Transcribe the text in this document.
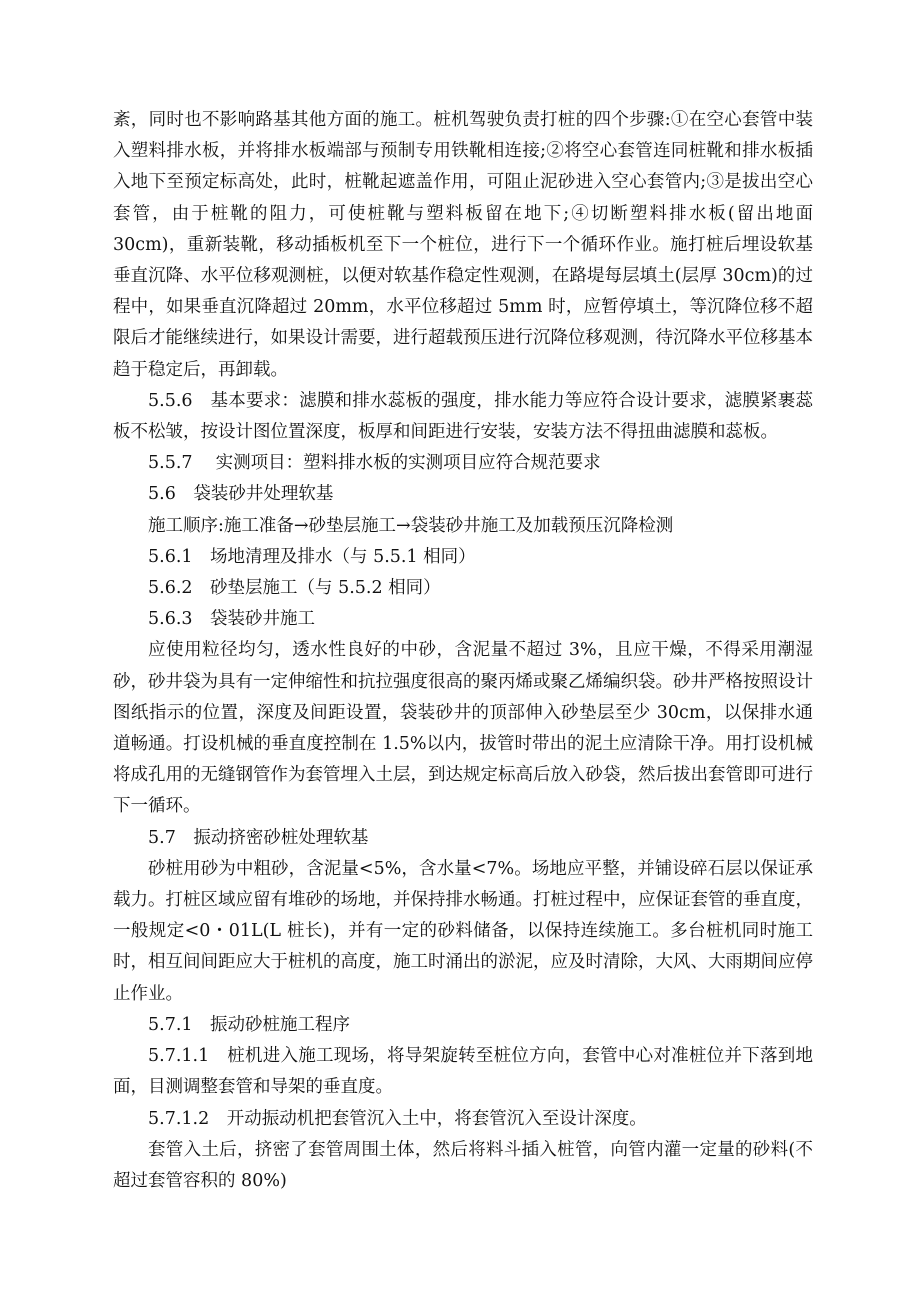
紊，同时也不影响路基其他方面的施工。桩机驾驶负责打桩的四个步骤:①在空心套管中装入塑料排水板，并将排水板端部与预制专用铁靴相连接;②将空心套管连同桩靴和排水板插入地下至预定标高处，此时，桩靴起遮盖作用，可阻止泥砂进入空心套管内;③是拔出空心套管，由于桩靴的阻力，可使桩靴与塑料板留在地下;④切断塑料排水板(留出地面 30cm)，重新装靴，移动插板机至下一个桩位，进行下一个循环作业。施打桩后埋设软基垂直沉降、水平位移观测桩，以便对软基作稳定性观测，在路堤每层填土(层厚 30cm)的过程中，如果垂直沉降超过 20mm，水平位移超过 5mm 时，应暂停填土，等沉降位移不超限后才能继续进行，如果设计需要，进行超载预压进行沉降位移观测，待沉降水平位移基本趋于稳定后，再卸载。

5.5.6　基本要求：滤膜和排水蕊板的强度，排水能力等应符合设计要求，滤膜紧裹蕊板不松皱，按设计图位置深度，板厚和间距进行安装，安装方法不得扭曲滤膜和蕊板。

5.5.7　 实测项目：塑料排水板的实测项目应符合规范要求

5.6　袋装砂井处理软基

施工顺序:施工准备→砂垫层施工→袋装砂井施工及加载预压沉降检测

5.6.1　场地清理及排水（与 5.5.1 相同）

5.6.2　砂垫层施工（与 5.5.2 相同）

5.6.3　袋装砂井施工

应使用粒径均匀，透水性良好的中砂，含泥量不超过 3%，且应干燥，不得采用潮湿砂，砂井袋为具有一定伸缩性和抗拉强度很高的聚丙烯或聚乙烯编织袋。砂井严格按照设计图纸指示的位置，深度及间距设置，袋装砂井的顶部伸入砂垫层至少 30cm，以保排水通道畅通。打设机械的垂直度控制在 1.5%以内，拔管时带出的泥土应清除干净。用打设机械将成孔用的无缝钢管作为套管埋入土层，到达规定标高后放入砂袋，然后拔出套管即可进行下一循环。

5.7　振动挤密砂桩处理软基

砂桩用砂为中粗砂，含泥量<5%，含水量<7%。场地应平整，并铺设碎石层以保证承载力。打桩区域应留有堆砂的场地，并保持排水畅通。打桩过程中，应保证套管的垂直度，一般规定<0・01L(L 桩长)，并有一定的砂料储备，以保持连续施工。多台桩机同时施工时，相互间间距应大于桩机的高度，施工时涌出的淤泥，应及时清除，大风、大雨期间应停止作业。

5.7.1　振动砂桩施工程序

5.7.1.1　桩机进入施工现场，将导架旋转至桩位方向，套管中心对准桩位并下落到地面，目测调整套管和导架的垂直度。

5.7.1.2　开动振动机把套管沉入土中，将套管沉入至设计深度。

套管入土后，挤密了套管周围土体，然后将料斗插入桩管，向管内灌一定量的砂料(不超过套管容积的 80%)
